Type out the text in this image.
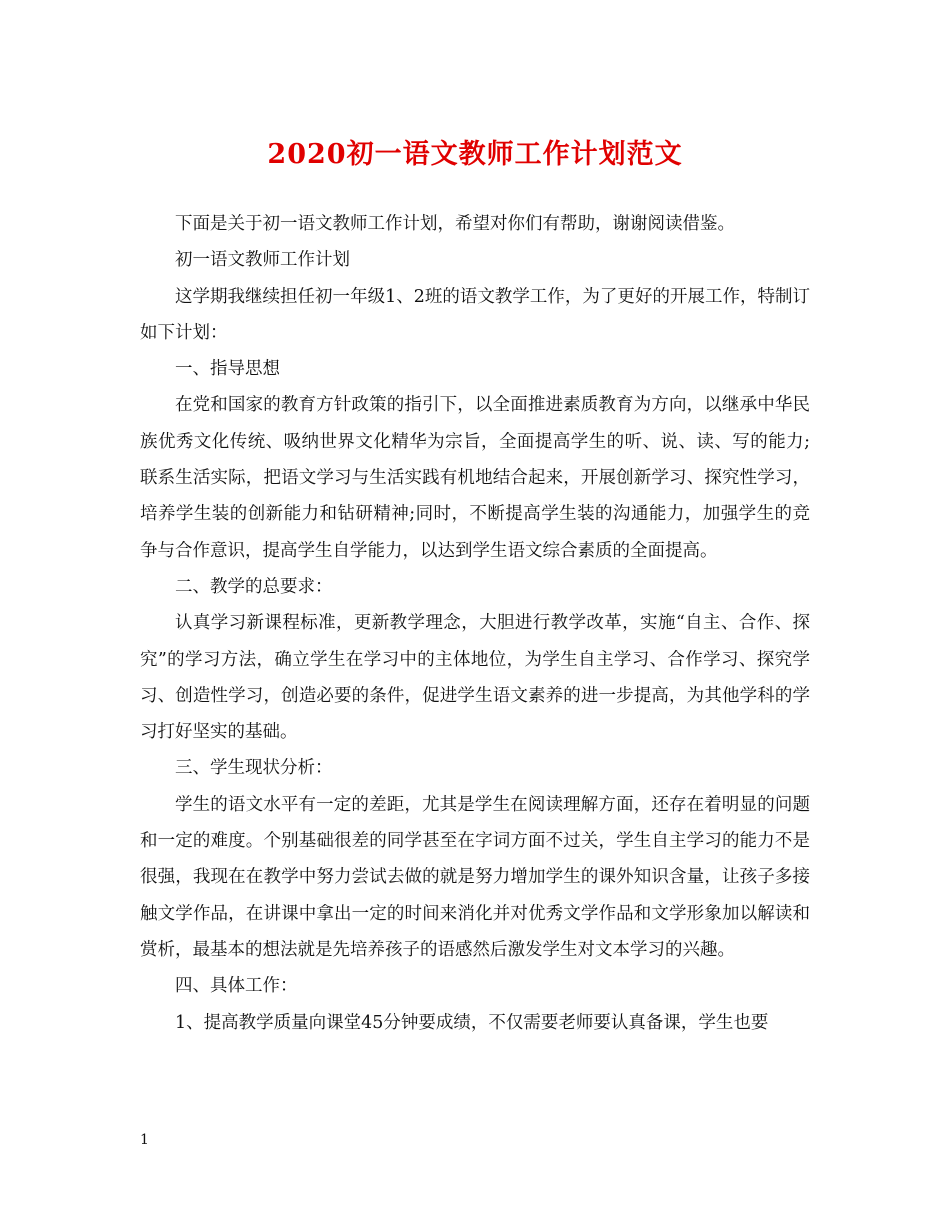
2020初一语文教师工作计划范文

下面是关于初一语文教师工作计划，希望对你们有帮助，谢谢阅读借鉴。

初一语文教师工作计划

这学期我继续担任初一年级1、2班的语文教学工作，为了更好的开展工作，特制订如下计划：

一、指导思想

在党和国家的教育方针政策的指引下，以全面推进素质教育为方向，以继承中华民族优秀文化传统、吸纳世界文化精华为宗旨，全面提高学生的听、说、读、写的能力;联系生活实际，把语文学习与生活实践有机地结合起来，开展创新学习、探究性学习，培养学生装的创新能力和钻研精神;同时，不断提高学生装的沟通能力，加强学生的竞争与合作意识，提高学生自学能力，以达到学生语文综合素质的全面提高。

二、教学的总要求：

认真学习新课程标准，更新教学理念，大胆进行教学改革，实施“自主、合作、探究”的学习方法，确立学生在学习中的主体地位，为学生自主学习、合作学习、探究学习、创造性学习，创造必要的条件，促进学生语文素养的进一步提高，为其他学科的学习打好坚实的基础。

三、学生现状分析：

学生的语文水平有一定的差距，尤其是学生在阅读理解方面，还存在着明显的问题和一定的难度。个别基础很差的同学甚至在字词方面不过关，学生自主学习的能力不是很强，我现在在教学中努力尝试去做的就是努力增加学生的课外知识含量，让孩子多接触文学作品，在讲课中拿出一定的时间来消化并对优秀文学作品和文学形象加以解读和赏析，最基本的想法就是先培养孩子的语感然后激发学生对文本学习的兴趣。

四、具体工作：

1、提高教学质量向课堂45分钟要成绩，不仅需要老师要认真备课，学生也要

1
